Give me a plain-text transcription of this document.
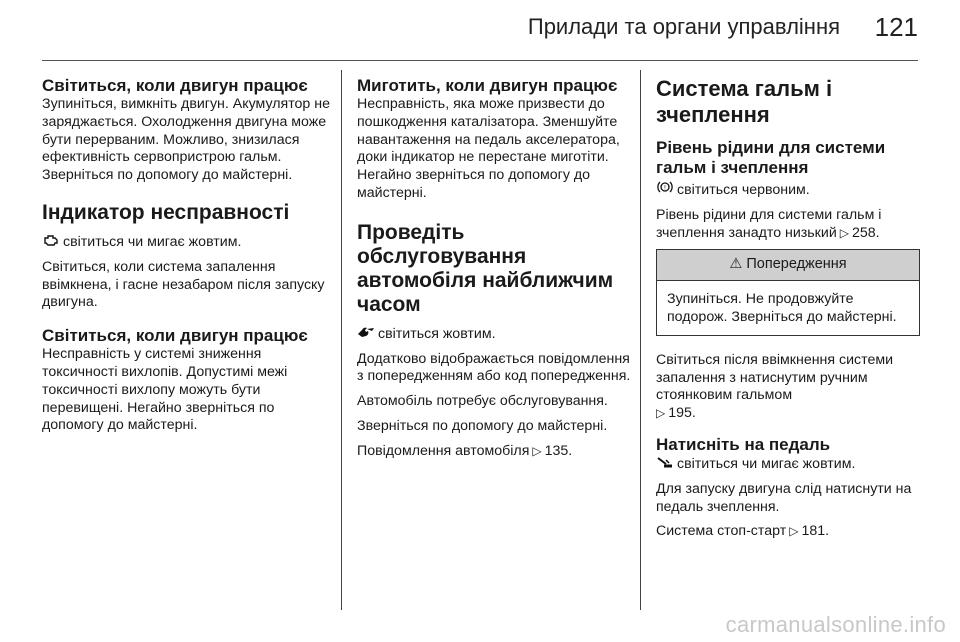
Прилади та органи управління 121
Світиться, коли двигун працює

Зупиніться, вимкніть двигун. Акумулятор не заряджається. Охолодження двигуна може бути перерваним. Можливо, знизилася ефективність сервопристрою гальм. Зверніться по допомогу до майстерні.

Індикатор несправності

світиться чи мигає жовтим.

Світиться, коли система запалення ввімкнена, і гасне незабаром після запуску двигуна.

Світиться, коли двигун працює

Несправність у системі зниження токсичності вихлопів. Допустимі межі токсичності вихлопу можуть бути перевищені. Негайно зверніться по допомогу до майстерні.

Миготить, коли двигун працює

Несправність, яка може призвести до пошкодження каталізатора. Зменшуйте навантаження на педаль акселератора, доки індикатор не перестане миготіти. Негайно зверніться по допомогу до майстерні.

Проведіть обслуговування автомобіля найближчим часом

світиться жовтим.

Додатково відображається повідомлення з попередженням або код попередження.

Автомобіль потребує обслуговування.

Зверніться по допомогу до майстерні.

Повідомлення автомобіля ▷ 135.

Система гальм і зчеплення
Рівень рідини для системи гальм і зчеплення

! світиться червоним.

Рівень рідини для системи гальм і зчеплення занадто низький ▷ 258.

⚠ Попередження
Зупиніться. Не продовжуйте подорож. Зверніться до майстерні.

Світиться після ввімкнення системи запалення з натиснутим ручним стоянковим гальмом
▷ 195.

Натисніть на педаль

світиться чи мигає жовтим.

Для запуску двигуна слід натиснути на педаль зчеплення.

Система стоп-старт ▷ 181.

carmanualsonline.info
